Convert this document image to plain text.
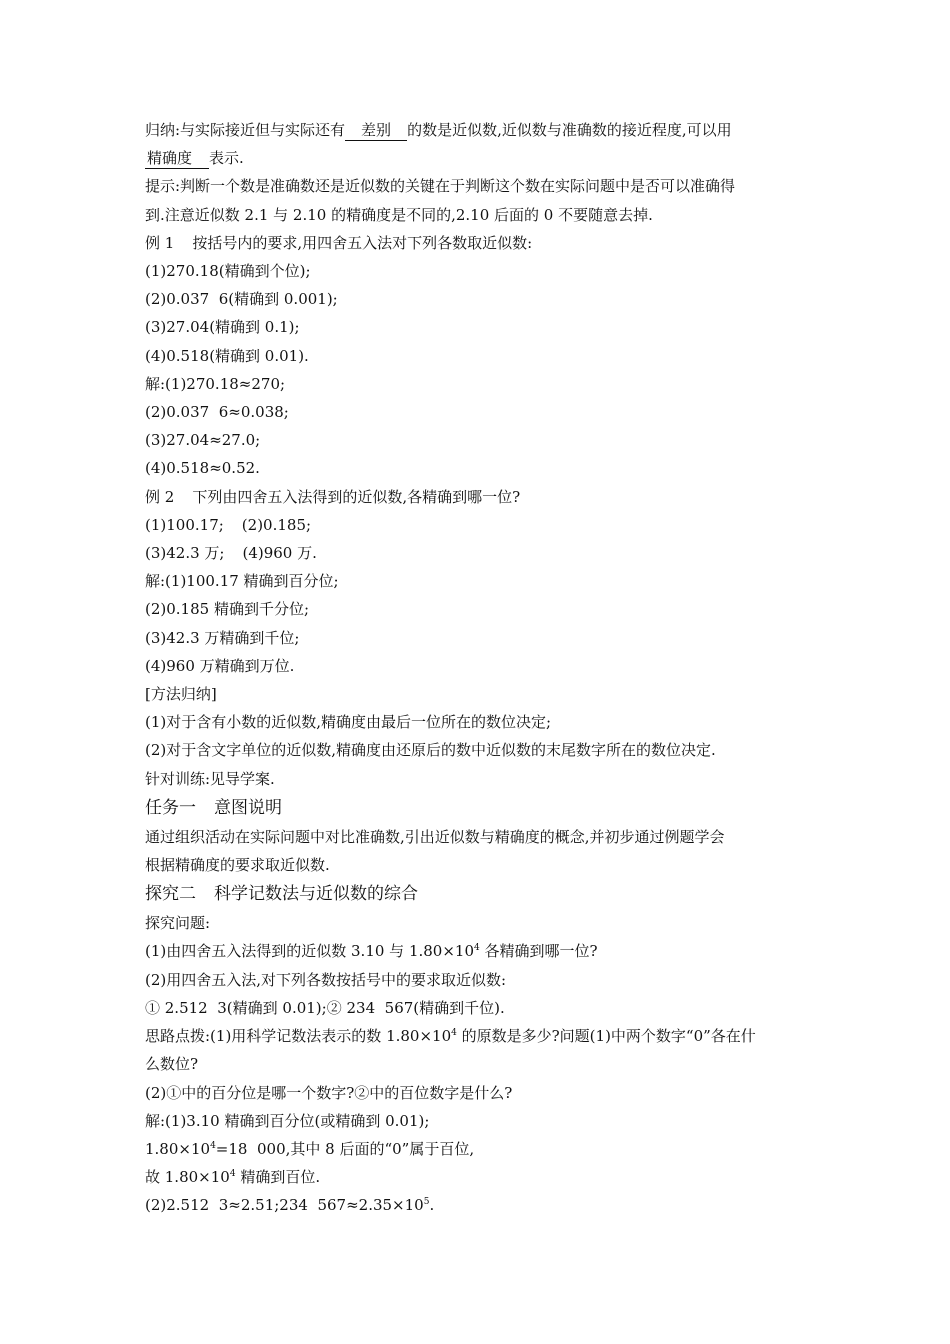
归纳:与实际接近但与实际还有 差别 的数是近似数,近似数与准确数的接近程度,可以用

精确度 表示.

提示:判断一个数是准确数还是近似数的关键在于判断这个数在实际问题中是否可以准确得

到.注意近似数 2.1 与 2.10 的精确度是不同的,2.10 后面的 0 不要随意去掉.

例 1 按括号内的要求,用四舍五入法对下列各数取近似数:

(1)270.18(精确到个位);

(2)0.037  6(精确到 0.001);

(3)27.04(精确到 0.1);

(4)0.518(精确到 0.01).

解:(1)270.18≈270;

(2)0.037  6≈0.038;

(3)27.04≈27.0;

(4)0.518≈0.52.

例 2 下列由四舍五入法得到的近似数,各精确到哪一位?

(1)100.17; (2)0.185;

(3)42.3 万; (4)960 万.

解:(1)100.17 精确到百分位;

(2)0.185 精确到千分位;

(3)42.3 万精确到千位;

(4)960 万精确到万位.

[方法归纳]

(1)对于含有小数的近似数,精确度由最后一位所在的数位决定;

(2)对于含文字单位的近似数,精确度由还原后的数中近似数的末尾数字所在的数位决定.

针对训练:见导学案.

任务一 意图说明

通过组织活动在实际问题中对比准确数,引出近似数与精确度的概念,并初步通过例题学会

根据精确度的要求取近似数.

探究二 科学记数法与近似数的综合

探究问题:

(1)由四舍五入法得到的近似数 3.10 与 $1.80\times 10^4$ 各精确到哪一位?

(2)用四舍五入法,对下列各数按括号中的要求取近似数:

① 2.512  3(精确到 0.01);② 234  567(精确到千位).

思路点拨:(1)用科学记数法表示的数 $1.80\times 10^4$ 的原数是多少?问题(1)中两个数字“0”各在什

么数位?

(2)①中的百分位是哪一个数字?②中的百位数字是什么?

解:(1)3.10 精确到百分位(或精确到 0.01);

$1.80\times 10^4=18$  000,其中 8 后面的“0”属于百位,

故 $1.80\times 10^4$ 精确到百位.

(2)2.512  3≈2.51;234  $567\approx 2.35\times 10^5$.
